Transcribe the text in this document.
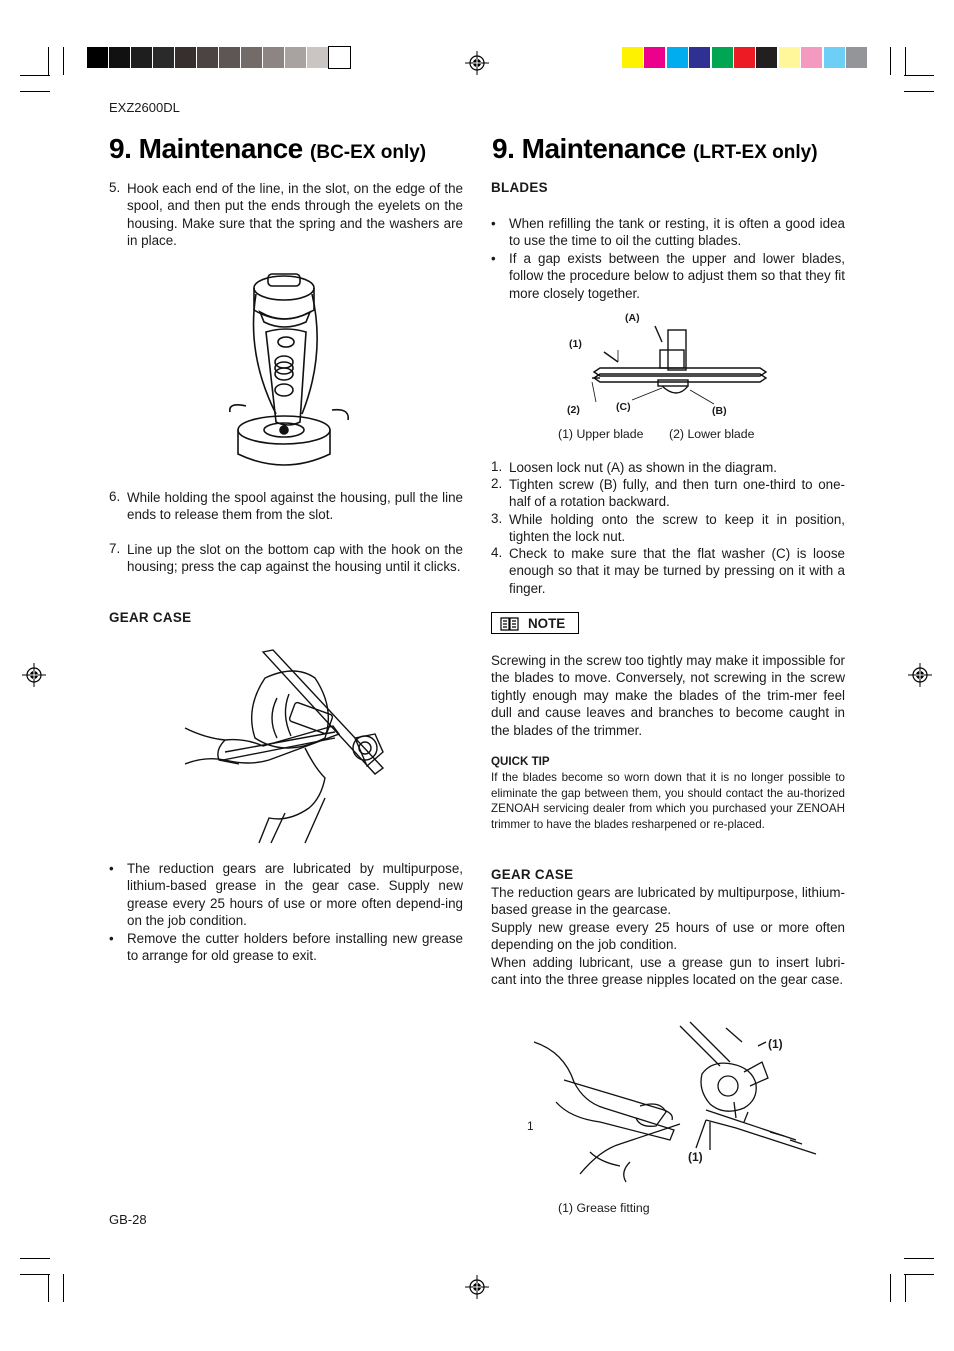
EXZ2600DL
9. Maintenance (BC-EX only)
5. Hook each end of the line, in the slot, on the edge of the spool, and then put the ends through the eyelets on the housing. Make sure that the spring and the washers are in place.
6. While holding the spool against the housing, pull the line ends to release them from the slot.
7. Line up the slot on the bottom cap with the hook on the housing; press the cap against the housing until it clicks.
GEAR CASE
• The reduction gears are lubricated by multipurpose, lithium-based grease in the gear case. Supply new grease every 25 hours of use or more often depend-ing on the job condition.
• Remove the cutter holders before installing new grease to arrange for old grease to exit.
GB-28
9. Maintenance (LRT-EX only)
BLADES
• When refilling the tank or resting, it is often a good idea to use the time to oil the cutting blades.
• If a gap exists between the upper and lower blades, follow the procedure below to adjust them so that they fit more closely together.
(A)
(1)
(2)	(C)	(B)
(1) Upper blade (2) Lower blade
1. Loosen lock nut (A) as shown in the diagram.
2. Tighten screw (B) fully, and then turn one-third to one-half of a rotation backward.
3. While holding onto the screw to keep it in position, tighten the lock nut.
4. Check to make sure that the flat washer (C) is loose enough so that it may be turned by pressing on it with a finger.
NOTE
Screwing in the screw too tightly may make it impossible for the blades to move. Conversely, not screwing in the screw tightly enough may make the blades of the trim-mer feel dull and cause leaves and branches to become caught in the blades of the trimmer.
QUICK TIP
If the blades become so worn down that it is no longer possible to eliminate the gap between them, you should contact the au-thorized ZENOAH servicing dealer from which you purchased your ZENOAH trimmer to have the blades resharpened or re-placed.
GEAR CASE
The reduction gears are lubricated by multipurpose, lithium-based grease in the gearcase.
Supply new grease every 25 hours of use or more often depending on the job condition.
When adding lubricant, use a grease gun to insert lubri-cant into the three grease nipples located on the gear case.
(1)
(1)
1
(1) Grease fitting
